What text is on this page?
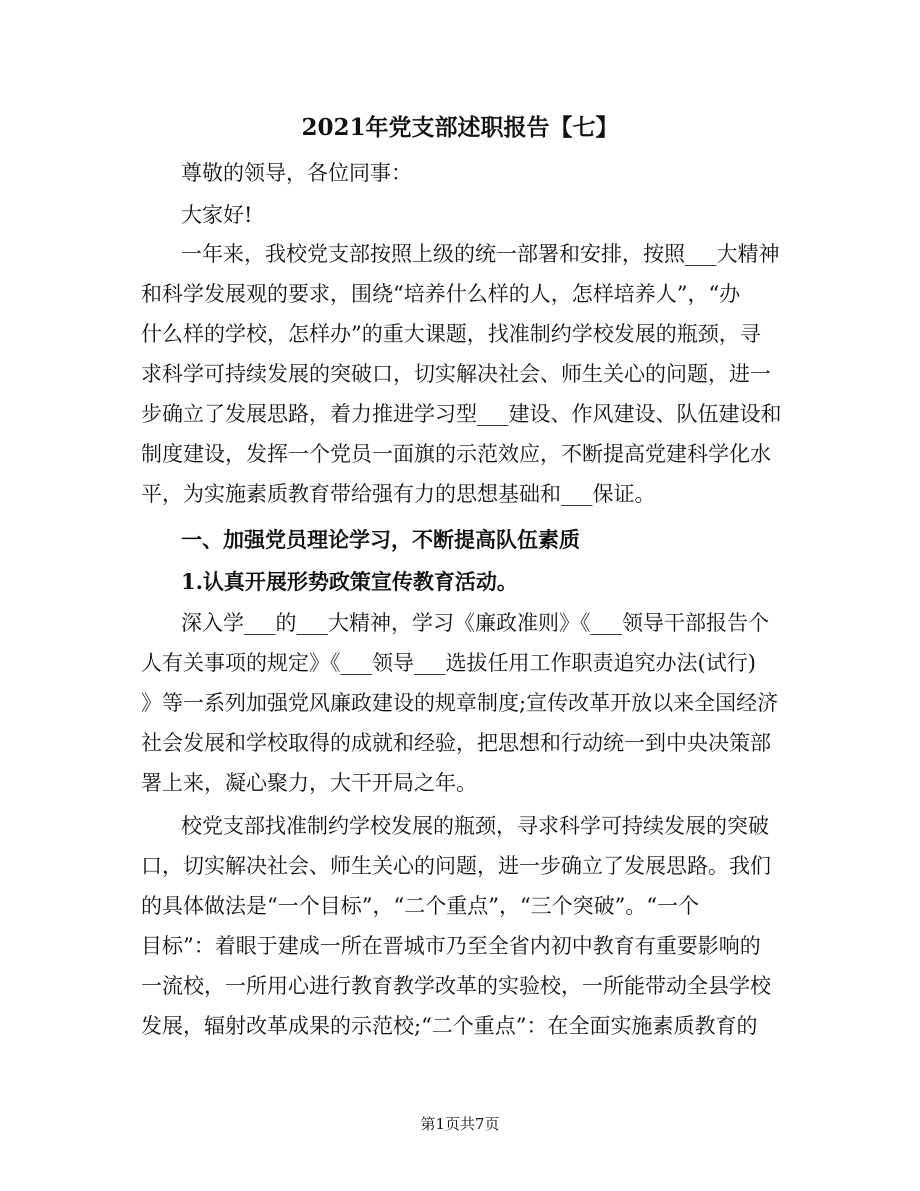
2021年党支部述职报告【七】
尊敬的领导，各位同事：
大家好!
一年来，我校党支部按照上级的统一部署和安排，按照___大精神
和科学发展观的要求，围绕“培养什么样的人，怎样培养人”，“办
什么样的学校，怎样办”的重大课题，找准制约学校发展的瓶颈，寻
求科学可持续发展的突破口，切实解决社会、师生关心的问题，进一
步确立了发展思路，着力推进学习型___建设、作风建设、队伍建设和
制度建设，发挥一个党员一面旗的示范效应，不断提高党建科学化水
平，为实施素质教育带给强有力的思想基础和___保证。
一、加强党员理论学习，不断提高队伍素质
1.认真开展形势政策宣传教育活动。
深入学___的___大精神，学习《廉政准则》《___领导干部报告个
人有关事项的规定》《___领导___选拔任用工作职责追究办法(试行)
》等一系列加强党风廉政建设的规章制度;宣传改革开放以来全国经济
社会发展和学校取得的成就和经验，把思想和行动统一到中央决策部
署上来，凝心聚力，大干开局之年。
校党支部找准制约学校发展的瓶颈，寻求科学可持续发展的突破
口，切实解决社会、师生关心的问题，进一步确立了发展思路。我们
的具体做法是“一个目标”，“二个重点”，“三个突破”。“一个
目标”：着眼于建成一所在晋城市乃至全省内初中教育有重要影响的
一流校，一所用心进行教育教学改革的实验校，一所能带动全县学校
发展，辐射改革成果的示范校;“二个重点”：在全面实施素质教育的
第1页共7页
